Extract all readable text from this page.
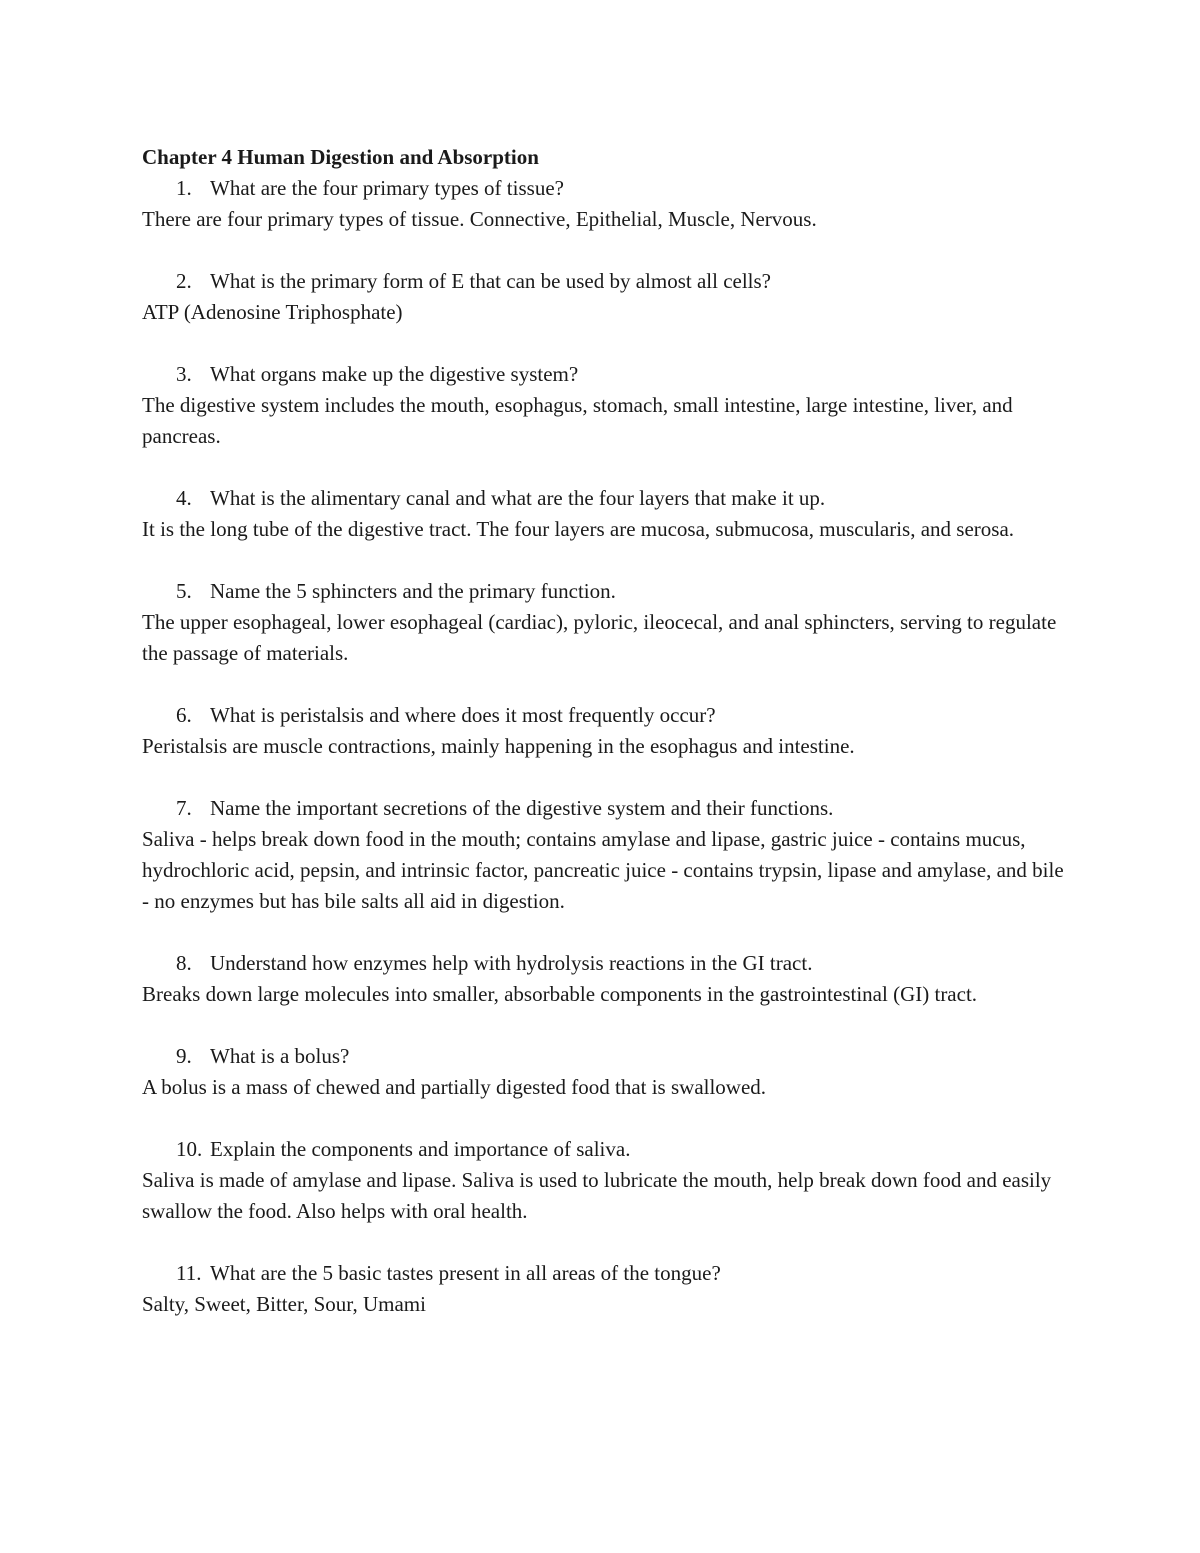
Chapter 4 Human Digestion and Absorption
1. What are the four primary types of tissue?
There are four primary types of tissue. Connective, Epithelial, Muscle, Nervous.
2. What is the primary form of E that can be used by almost all cells?
ATP (Adenosine Triphosphate)
3. What organs make up the digestive system?
The digestive system includes the mouth, esophagus, stomach, small intestine, large intestine, liver, and pancreas.
4. What is the alimentary canal and what are the four layers that make it up.
It is the long tube of the digestive tract. The four layers are mucosa, submucosa, muscularis, and serosa.
5. Name the 5 sphincters and the primary function.
The upper esophageal, lower esophageal (cardiac), pyloric, ileocecal, and anal sphincters, serving to regulate the passage of materials.
6. What is peristalsis and where does it most frequently occur?
Peristalsis are muscle contractions, mainly happening in the esophagus and intestine.
7. Name the important secretions of the digestive system and their functions.
Saliva - helps break down food in the mouth; contains amylase and lipase, gastric juice - contains mucus, hydrochloric acid, pepsin, and intrinsic factor, pancreatic juice - contains trypsin, lipase and amylase, and bile - no enzymes but has bile salts all aid in digestion.
8. Understand how enzymes help with hydrolysis reactions in the GI tract.
Breaks down large molecules into smaller, absorbable components in the gastrointestinal (GI) tract.
9. What is a bolus?
A bolus is a mass of chewed and partially digested food that is swallowed.
10. Explain the components and importance of saliva.
Saliva is made of amylase and lipase. Saliva is used to lubricate the mouth, help break down food and easily swallow the food. Also helps with oral health.
11. What are the 5 basic tastes present in all areas of the tongue?
Salty, Sweet, Bitter, Sour, Umami
